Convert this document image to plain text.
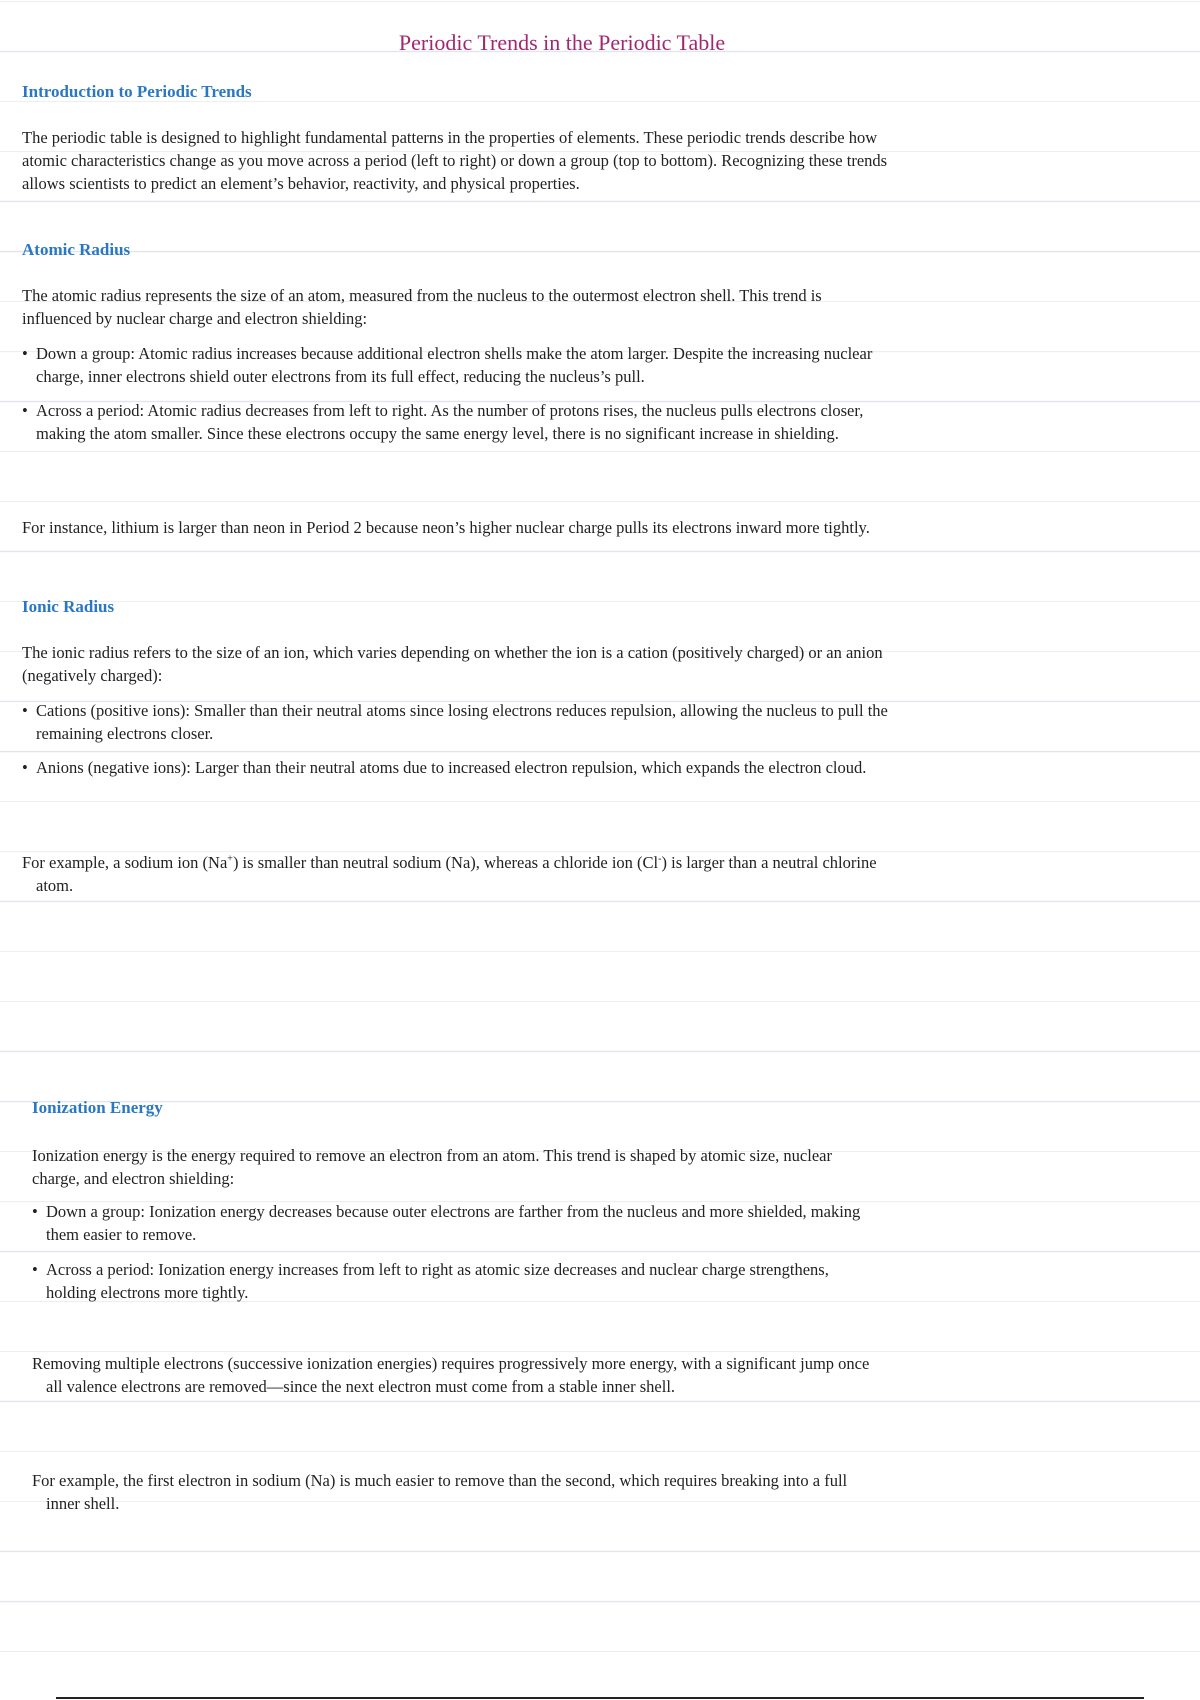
Periodic Trends in the Periodic Table
Introduction to Periodic Trends

The periodic table is designed to highlight fundamental patterns in the properties of elements. These periodic trends describe how atomic characteristics change as you move across a period (left to right) or down a group (top to bottom). Recognizing these trends allows scientists to predict an element’s behavior, reactivity, and physical properties.

Atomic Radius

The atomic radius represents the size of an atom, measured from the nucleus to the outermost electron shell. This trend is influenced by nuclear charge and electron shielding:

• Down a group: Atomic radius increases because additional electron shells make the atom larger. Despite the increasing nuclear charge, inner electrons shield outer electrons from its full effect, reducing the nucleus’s pull.
• Across a period: Atomic radius decreases from left to right. As the number of protons rises, the nucleus pulls electrons closer, making the atom smaller. Since these electrons occupy the same energy level, there is no significant increase in shielding.

For instance, lithium is larger than neon in Period 2 because neon’s higher nuclear charge pulls its electrons inward more tightly.

Ionic Radius

The ionic radius refers to the size of an ion, which varies depending on whether the ion is a cation (positively charged) or an anion (negatively charged):

• Cations (positive ions): Smaller than their neutral atoms since losing electrons reduces repulsion, allowing the nucleus to pull the remaining electrons closer.
• Anions (negative ions): Larger than their neutral atoms due to increased electron repulsion, which expands the electron cloud.

For example, a sodium ion (Na+) is smaller than neutral sodium (Na), whereas a chloride ion (Cl-) is larger than a neutral chlorine atom.

Ionization Energy

Ionization energy is the energy required to remove an electron from an atom. This trend is shaped by atomic size, nuclear charge, and electron shielding:

• Down a group: Ionization energy decreases because outer electrons are farther from the nucleus and more shielded, making them easier to remove.
• Across a period: Ionization energy increases from left to right as atomic size decreases and nuclear charge strengthens, holding electrons more tightly.

Removing multiple electrons (successive ionization energies) requires progressively more energy, with a significant jump once all valence electrons are removed—since the next electron must come from a stable inner shell.

For example, the first electron in sodium (Na) is much easier to remove than the second, which requires breaking into a full inner shell.
